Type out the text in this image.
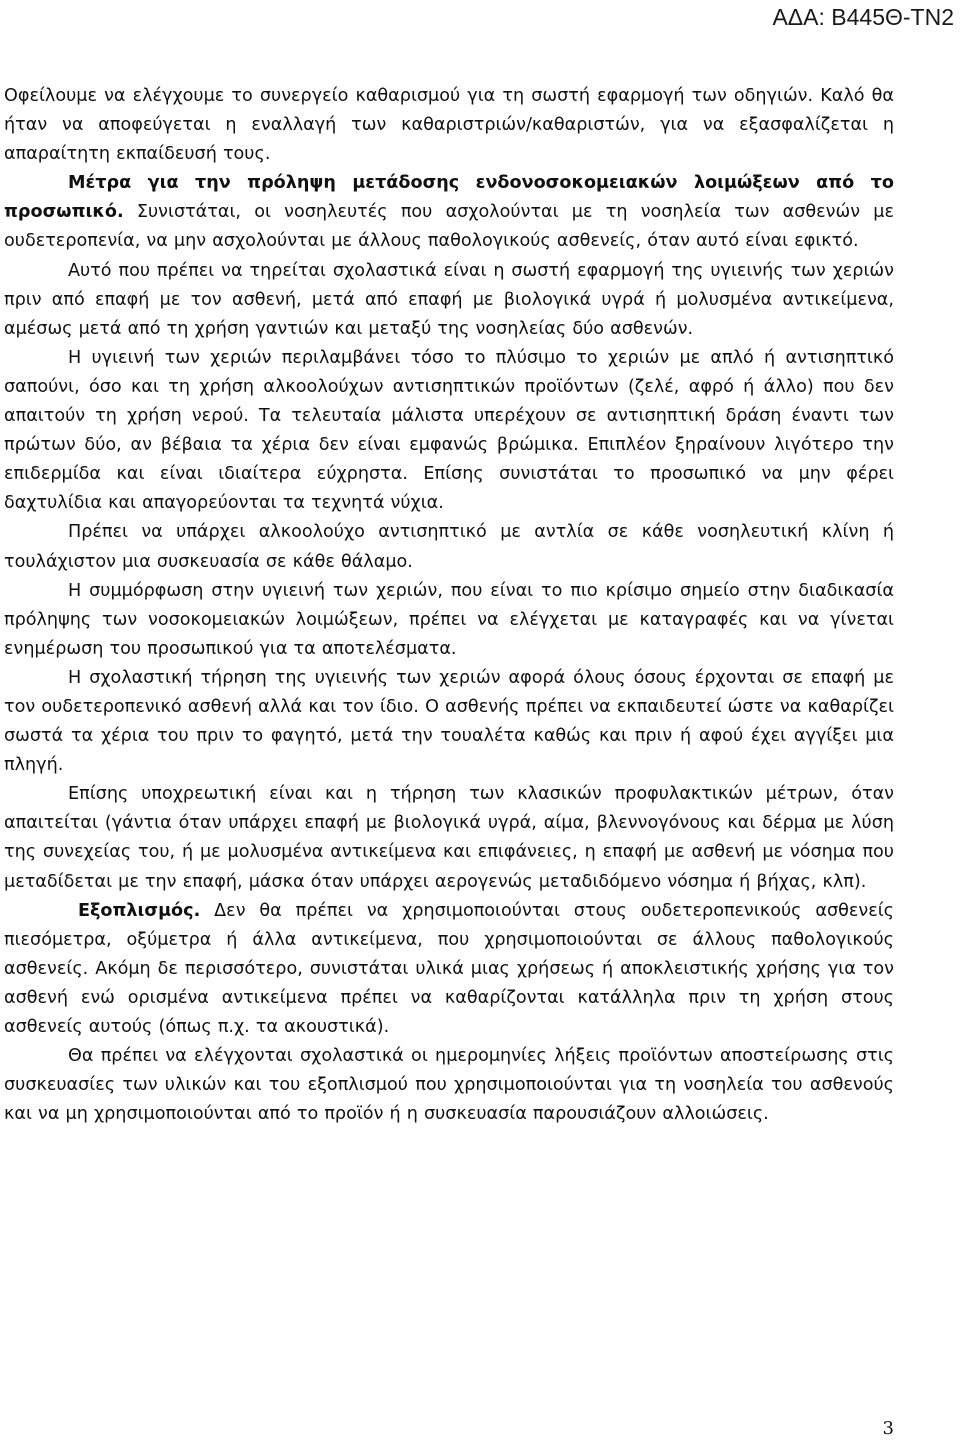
ΑΔΑ: Β445Θ-ΤΝ2

Οφείλουμε να ελέγχουμε το συνεργείο καθαρισμού για τη σωστή εφαρμογή των οδηγιών. Καλό θα ήταν να αποφεύγεται η εναλλαγή των καθαριστριών/καθαριστών, για να εξασφαλίζεται η απαραίτητη εκπαίδευσή τους.

Μέτρα για την πρόληψη μετάδοσης ενδονοσοκομειακών λοιμώξεων από το προσωπικό. Συνιστάται, οι νοσηλευτές που ασχολούνται με τη νοσηλεία των ασθενών με ουδετεροπενία, να μην ασχολούνται με άλλους παθολογικούς ασθενείς, όταν αυτό είναι εφικτό.

Αυτό που πρέπει να τηρείται σχολαστικά είναι η σωστή εφαρμογή της υγιεινής των χεριών πριν από επαφή με τον ασθενή, μετά από επαφή με βιολογικά υγρά ή μολυσμένα αντικείμενα, αμέσως μετά από τη χρήση γαντιών και μεταξύ της νοσηλείας δύο ασθενών.

Η υγιεινή των χεριών περιλαμβάνει τόσο το πλύσιμο το χεριών με απλό ή αντισηπτικό σαπούνι, όσο και τη χρήση αλκοολούχων αντισηπτικών προϊόντων (ζελέ, αφρό ή άλλο) που δεν απαιτούν τη χρήση νερού. Τα τελευταία μάλιστα υπερέχουν σε αντισηπτική δράση έναντι των πρώτων δύο, αν βέβαια τα χέρια δεν είναι εμφανώς βρώμικα. Επιπλέον ξηραίνουν λιγότερο την επιδερμίδα και είναι ιδιαίτερα εύχρηστα. Επίσης συνιστάται το προσωπικό να μην φέρει δαχτυλίδια και απαγορεύονται τα τεχνητά νύχια.

Πρέπει να υπάρχει αλκοολούχο αντισηπτικό με αντλία σε κάθε νοσηλευτική κλίνη ή τουλάχιστον μια συσκευασία σε κάθε θάλαμο.

Η συμμόρφωση στην υγιεινή των χεριών, που είναι το πιο κρίσιμο σημείο στην διαδικασία πρόληψης των νοσοκομειακών λοιμώξεων, πρέπει να ελέγχεται με καταγραφές και να γίνεται ενημέρωση του προσωπικού για τα αποτελέσματα.

Η σχολαστική τήρηση της υγιεινής των χεριών αφορά όλους όσους έρχονται σε επαφή με τον ουδετεροπενικό ασθενή αλλά και τον ίδιο. Ο ασθενής πρέπει να εκπαιδευτεί ώστε να καθαρίζει σωστά τα χέρια του πριν το φαγητό, μετά την τουαλέτα καθώς και πριν ή αφού έχει αγγίξει μια πληγή.

Επίσης υποχρεωτική είναι και η τήρηση των κλασικών προφυλακτικών μέτρων, όταν απαιτείται (γάντια όταν υπάρχει επαφή με βιολογικά υγρά, αίμα, βλεννογόνους και δέρμα με λύση της συνεχείας του, ή με μολυσμένα αντικείμενα και επιφάνειες, η επαφή με ασθενή με νόσημα που μεταδίδεται με την επαφή, μάσκα όταν υπάρχει αερογενώς μεταδιδόμενο νόσημα ή βήχας, κλπ).

Εξοπλισμός. Δεν θα πρέπει να χρησιμοποιούνται στους ουδετεροπενικούς ασθενείς πιεσόμετρα, οξύμετρα ή άλλα αντικείμενα, που χρησιμοποιούνται σε άλλους παθολογικούς ασθενείς. Ακόμη δε περισσότερο, συνιστάται υλικά μιας χρήσεως ή αποκλειστικής χρήσης για τον ασθενή ενώ ορισμένα αντικείμενα πρέπει να καθαρίζονται κατάλληλα πριν τη χρήση στους ασθενείς αυτούς (όπως π.χ. τα ακουστικά).

Θα πρέπει να ελέγχονται σχολαστικά οι ημερομηνίες λήξεις προϊόντων αποστείρωσης στις συσκευασίες των υλικών και του εξοπλισμού που χρησιμοποιούνται για τη νοσηλεία του ασθενούς και να μη χρησιμοποιούνται από το προϊόν ή η συσκευασία παρουσιάζουν αλλοιώσεις.

3
